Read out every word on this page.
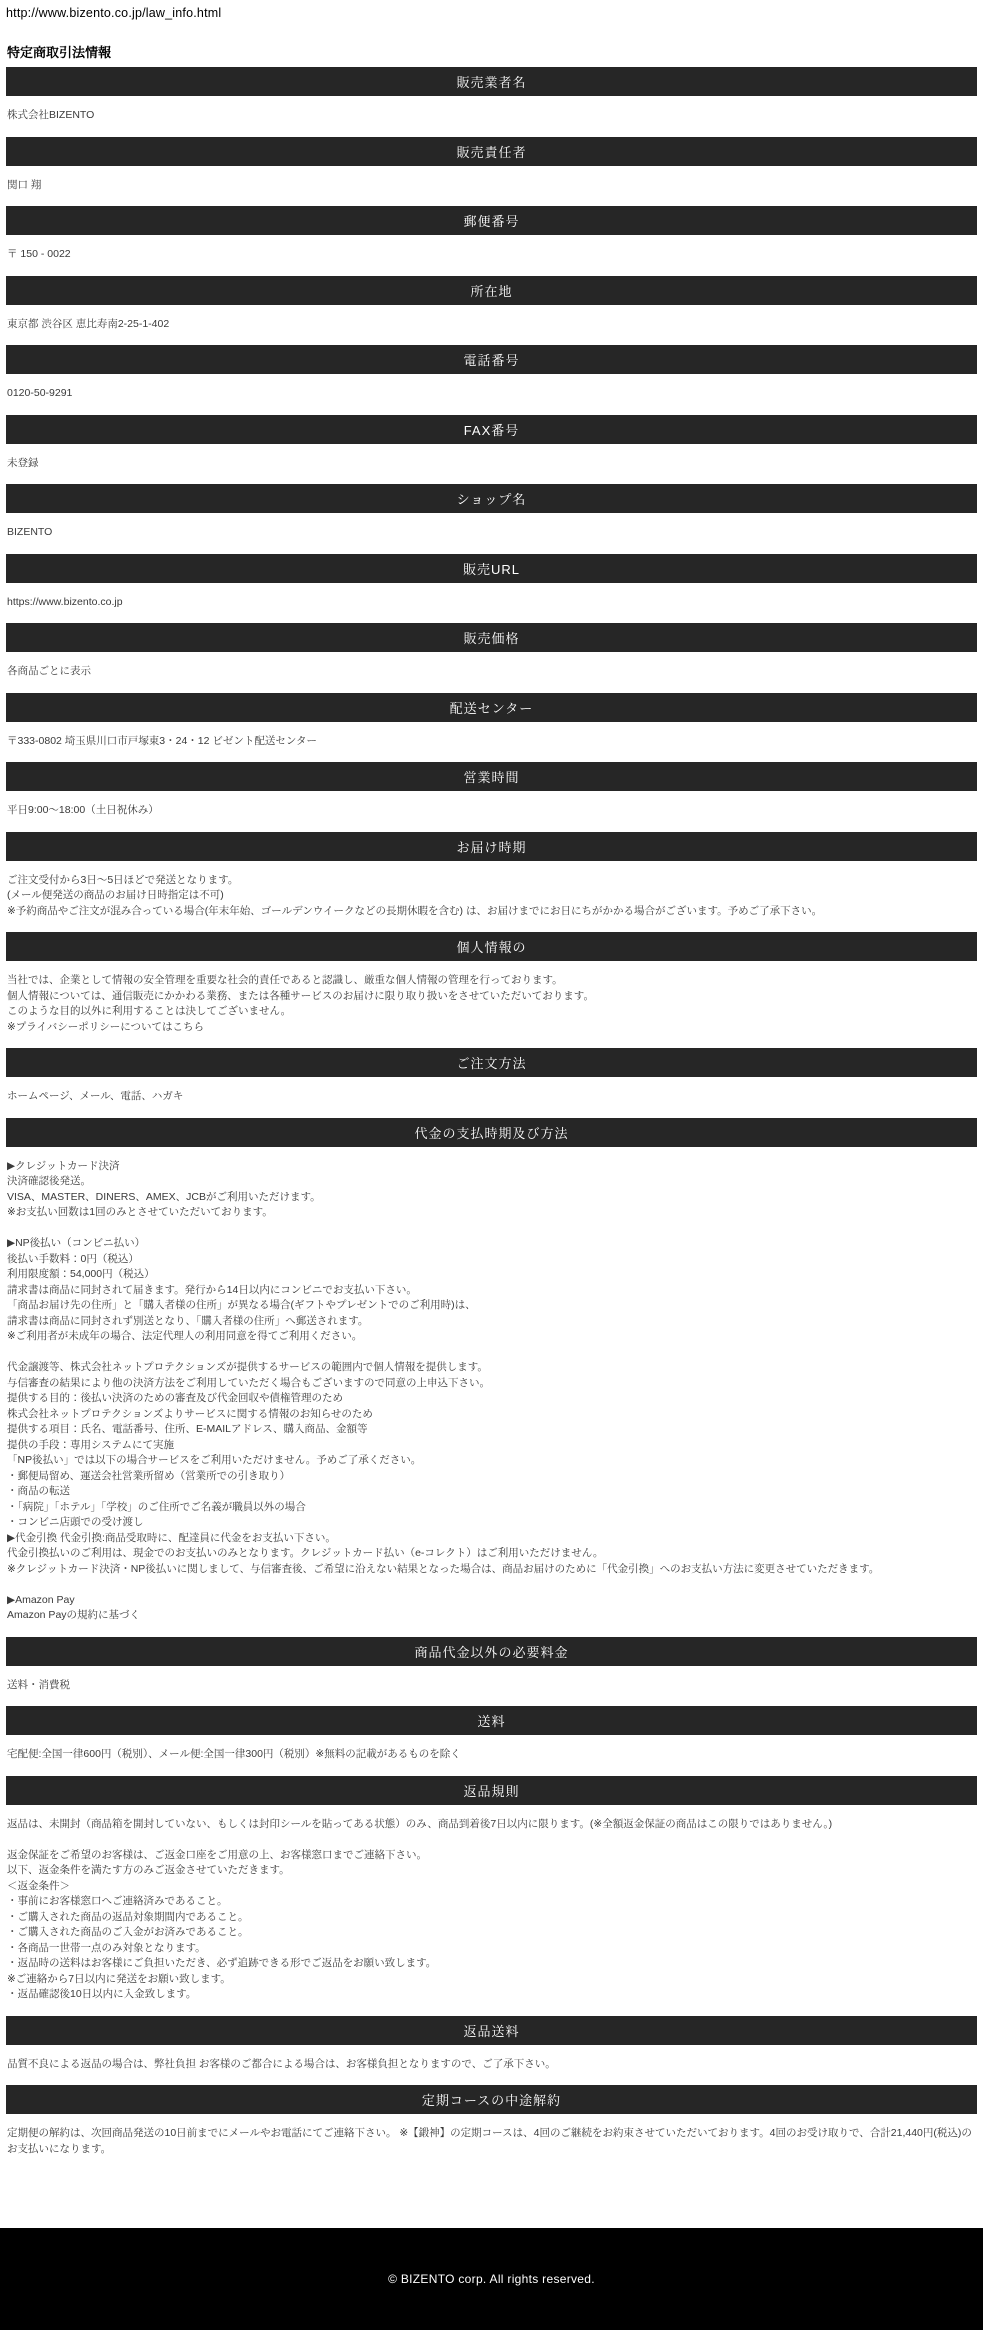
http://www.bizento.co.jp/law_info.html
特定商取引法情報
販売業者名

株式会社BIZENTO

販売責任者

関口 翔

郵便番号

〒 150 - 0022

所在地

東京都 渋谷区 恵比寿南2-25-1-402

電話番号

0120-50-9291

FAX番号

未登録

ショップ名

BIZENTO

販売URL

https://www.bizento.co.jp

販売価格

各商品ごとに表示

配送センター

〒333-0802 埼玉県川口市戸塚東3・24・12 ビゼント配送センター

営業時間

平日9:00～18:00（土日祝休み）

お届け時期

ご注文受付から3日～5日ほどで発送となります。

(メール便発送の商品のお届け日時指定は不可)

※予約商品やご注文が混み合っている場合(年末年始、ゴールデンウイークなどの長期休暇を含む) は、お届けまでにお日にちがかかる場合がございます。予めご了承下さい。

個人情報の

当社では、企業として情報の安全管理を重要な社会的責任であると認識し、厳重な個人情報の管理を行っております。

個人情報については、通信販売にかかわる業務、または各種サービスのお届けに限り取り扱いをさせていただいております。

このような目的以外に利用することは決してございません。

※プライバシーポリシーについてはこちら

ご注文方法

ホームページ、メール、電話、ハガキ

代金の支払時期及び方法

▶クレジットカード決済

決済確認後発送。

VISA、MASTER、DINERS、AMEX、JCBがご利用いただけます。

※お支払い回数は1回のみとさせていただいております。

▶NP後払い（コンビニ払い）

後払い手数料：0円（税込）

利用限度額：54,000円（税込）

請求書は商品に同封されて届きます。発行から14日以内にコンビニでお支払い下さい。

「商品お届け先の住所」と「購入者様の住所」が異なる場合(ギフトやプレゼントでのご利用時)は、

請求書は商品に同封されず別送となり、「購入者様の住所」へ郵送されます。

※ご利用者が未成年の場合、法定代理人の利用同意を得てご利用ください。

代金譲渡等、株式会社ネットプロテクションズが提供するサービスの範囲内で個人情報を提供します。

与信審査の結果により他の決済方法をご利用していただく場合もございますので同意の上申込下さい。

提供する目的：後払い決済のための審査及び代金回収や債権管理のため

株式会社ネットプロテクションズよりサービスに関する情報のお知らせのため

提供する項目：氏名、電話番号、住所、E-MAILアドレス、購入商品、金額等

提供の手段：専用システムにて実施

「NP後払い」では以下の場合サービスをご利用いただけません。予めご了承ください。

・郵便局留め、運送会社営業所留め（営業所での引き取り）

・商品の転送

・「病院」「ホテル」「学校」のご住所でご名義が職員以外の場合

・コンビニ店頭での受け渡し

▶代金引換 代金引換:商品受取時に、配達員に代金をお支払い下さい。

代金引換払いのご利用は、現金でのお支払いのみとなります。クレジットカード払い（e-コレクト）はご利用いただけません。

※クレジットカード決済・NP後払いに関しまして、与信審査後、ご希望に沿えない結果となった場合は、商品お届けのために「代金引換」へのお支払い方法に変更させていただきます。

▶Amazon Pay

Amazon Payの規約に基づく

商品代金以外の必要料金

送料・消費税

送料

宅配便:全国一律600円（税別）、メール便:全国一律300円（税別）※無料の記載があるものを除く

返品規則

返品は、未開封（商品箱を開封していない、もしくは封印シールを貼ってある状態）のみ、商品到着後7日以内に限ります。(※全額返金保証の商品はこの限りではありません。)

返金保証をご希望のお客様は、ご返金口座をご用意の上、お客様窓口までご連絡下さい。

以下、返金条件を満たす方のみご返金させていただきます。

＜返金条件＞

・事前にお客様窓口へご連絡済みであること。

・ご購入された商品の返品対象期間内であること。

・ご購入された商品のご入金がお済みであること。

・各商品一世帯一点のみ対象となります。

・返品時の送料はお客様にご負担いただき、必ず追跡できる形でご返品をお願い致します。

※ご連絡から7日以内に発送をお願い致します。

・返品確認後10日以内に入金致します。

返品送料

品質不良による返品の場合は、弊社負担 お客様のご都合による場合は、お客様負担となりますので、ご了承下さい。

定期コースの中途解約

定期便の解約は、次回商品発送の10日前までにメールやお電話にてご連絡下さい。 ※【鍛神】の定期コースは、4回のご継続をお約束させていただいております。4回のお受け取りで、合計21,440円(税込)のお支払いになります。

© BIZENTO corp. All rights reserved.
